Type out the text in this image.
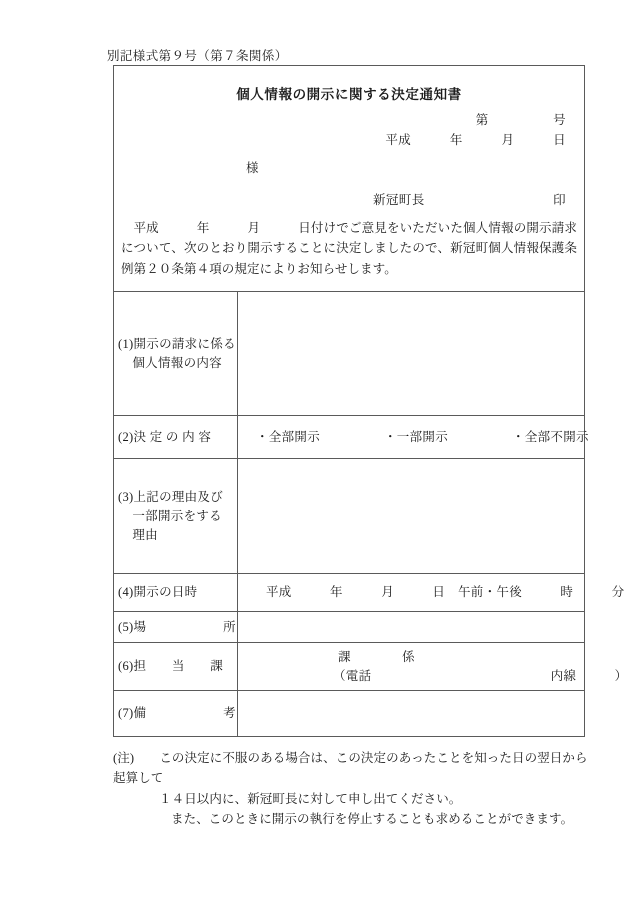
別記様式第９号（第７条関係）
個人情報の開示に関する決定通知書
第　　　　　号
平成　　　年　　　月　　　日
様
新冠町長	印
平成　　　年　　　月　　　日付けでご意見をいただいた個人情報の開示請求について、次のとおり開示することに決定しましたので、新冠町個人情報保護条例第２０条第４項の規定によりお知らせします。
(1)開示の請求に係る
個人情報の内容	

(2)決 定 の 内 容	・全部開示　　　　　・一部開示　　　　　・全部不開示

(3)上記の理由及び
一部開示をする
理由	

(4)開示の日時	平成　　　年　　　月　　　日　午前・午後　　　時　　　分

(5)場　　　　　　所	

(6)担　　当　　課	課　　　　係
（電話　　　　　　　　　　　　　　内線　　　）

(7)備　　　　　　考	

(注)　　この決定に不服のある場合は、この決定のあったことを知った日の翌日から起算して
１４日以内に、新冠町長に対して申し出てください。
また、このときに開示の執行を停止することも求めることができます。
